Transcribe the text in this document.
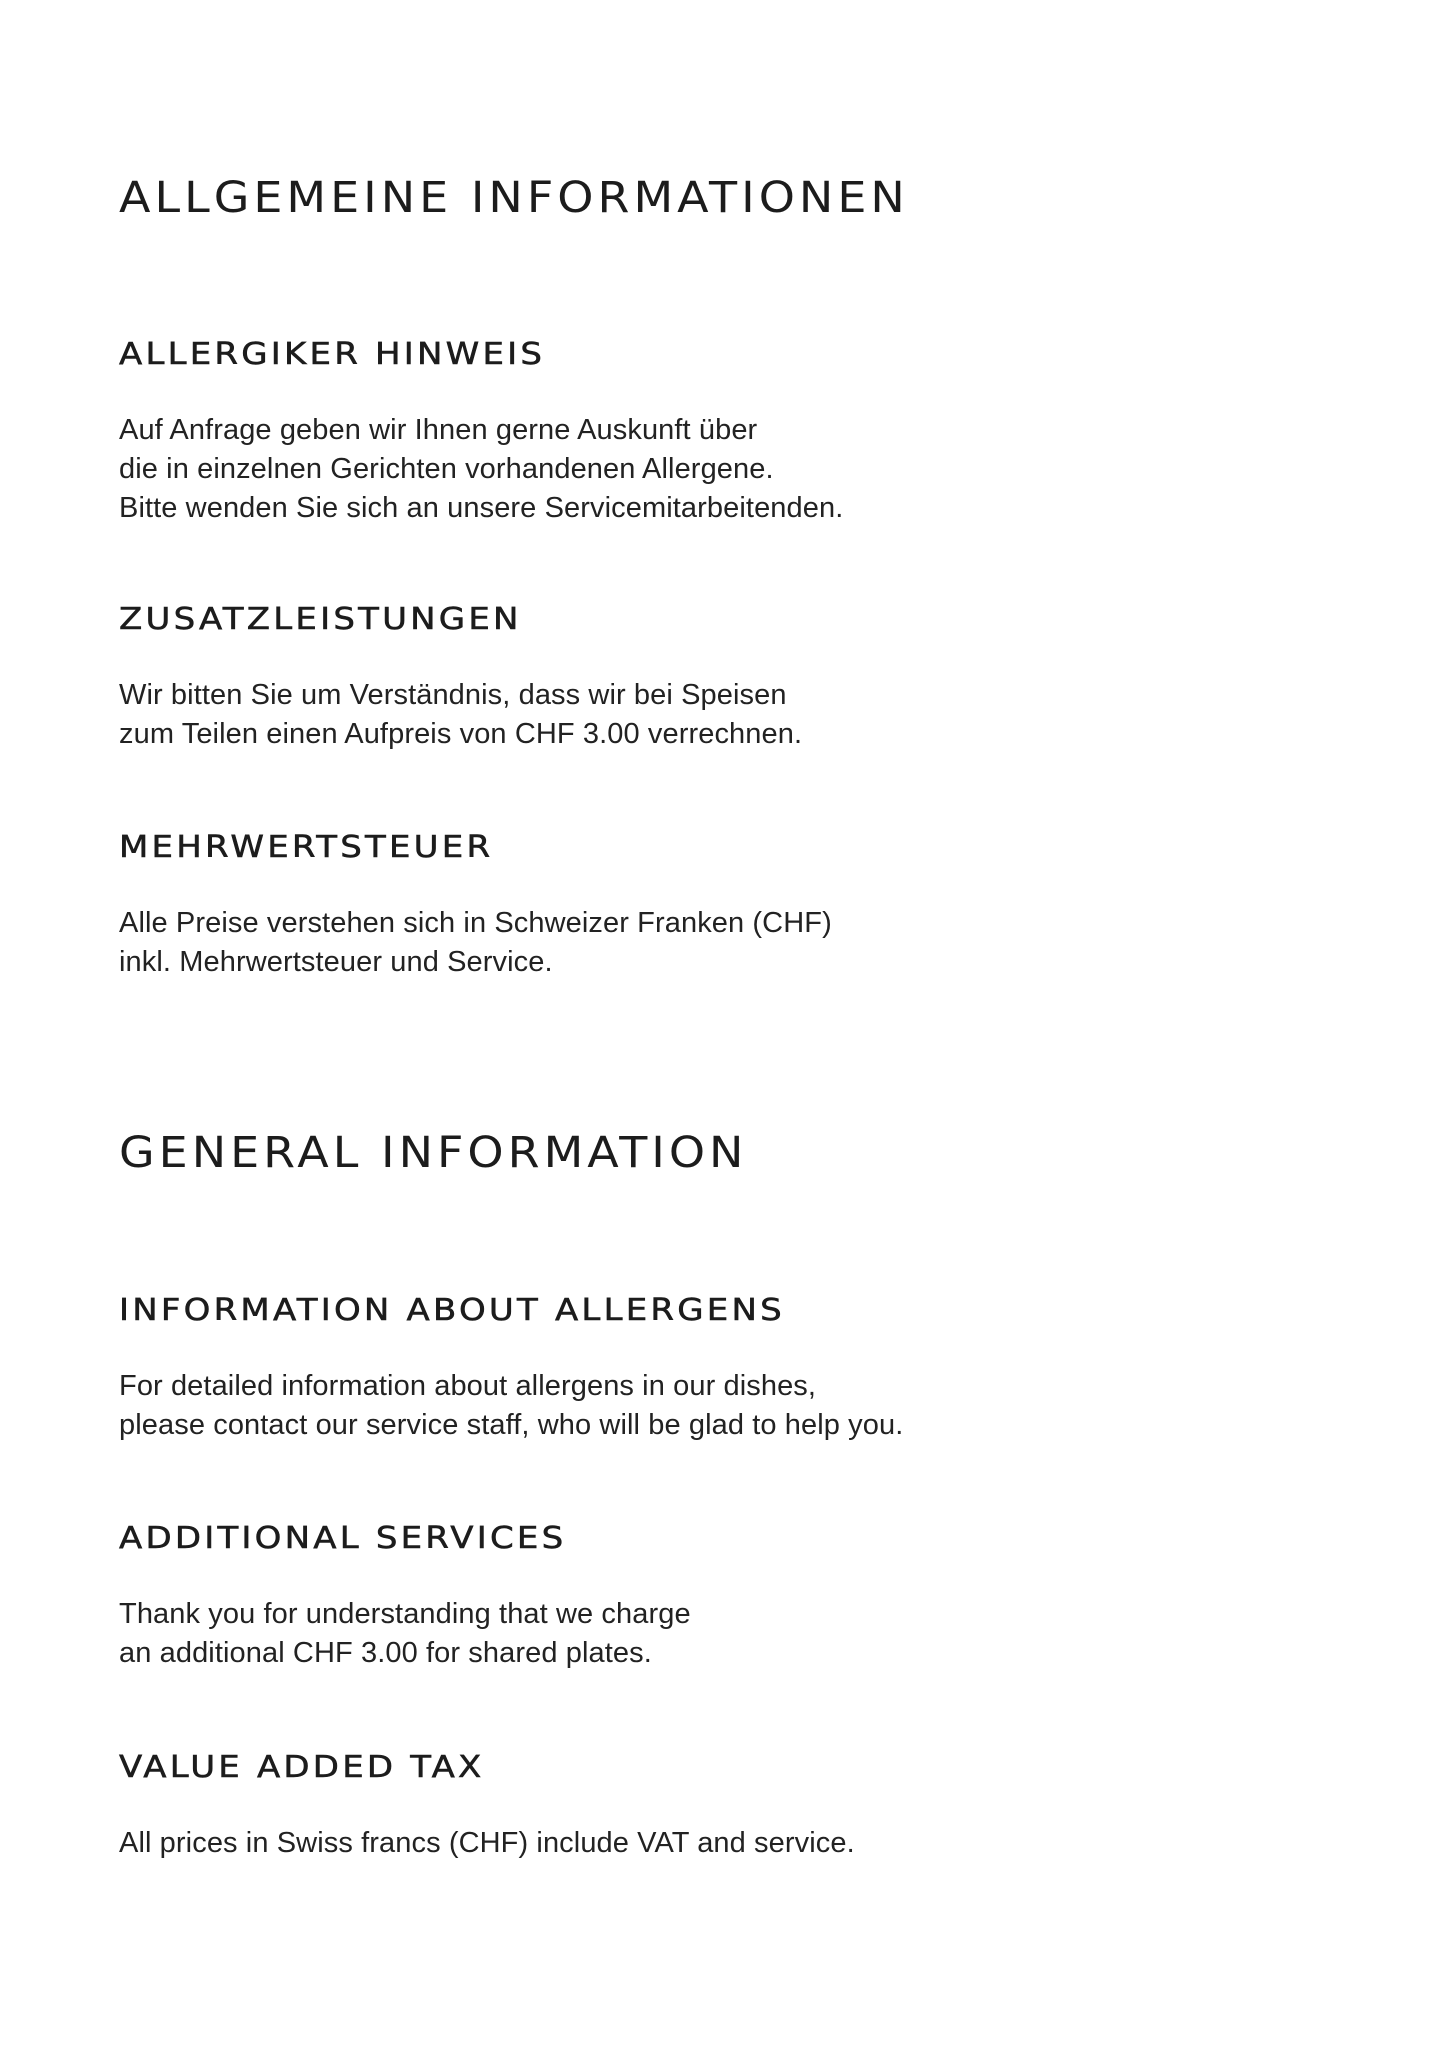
ALLGEMEINE INFORMATIONEN
ALLERGIKER HINWEIS

Auf Anfrage geben wir Ihnen gerne Auskunft über
die in einzelnen Gerichten vorhandenen Allergene.
Bitte wenden Sie sich an unsere Servicemitarbeitenden.

ZUSATZLEISTUNGEN

Wir bitten Sie um Verständnis, dass wir bei Speisen
zum Teilen einen Aufpreis von CHF 3.00 verrechnen.

MEHRWERTSTEUER

Alle Preise verstehen sich in Schweizer Franken (CHF)
inkl. Mehrwertsteuer und Service.

GENERAL INFORMATION
INFORMATION ABOUT ALLERGENS

For detailed information about allergens in our dishes,
please contact our service staff, who will be glad to help you.

ADDITIONAL SERVICES

Thank you for understanding that we charge
an additional CHF 3.00 for shared plates.

VALUE ADDED TAX

All prices in Swiss francs (CHF) include VAT and service.
